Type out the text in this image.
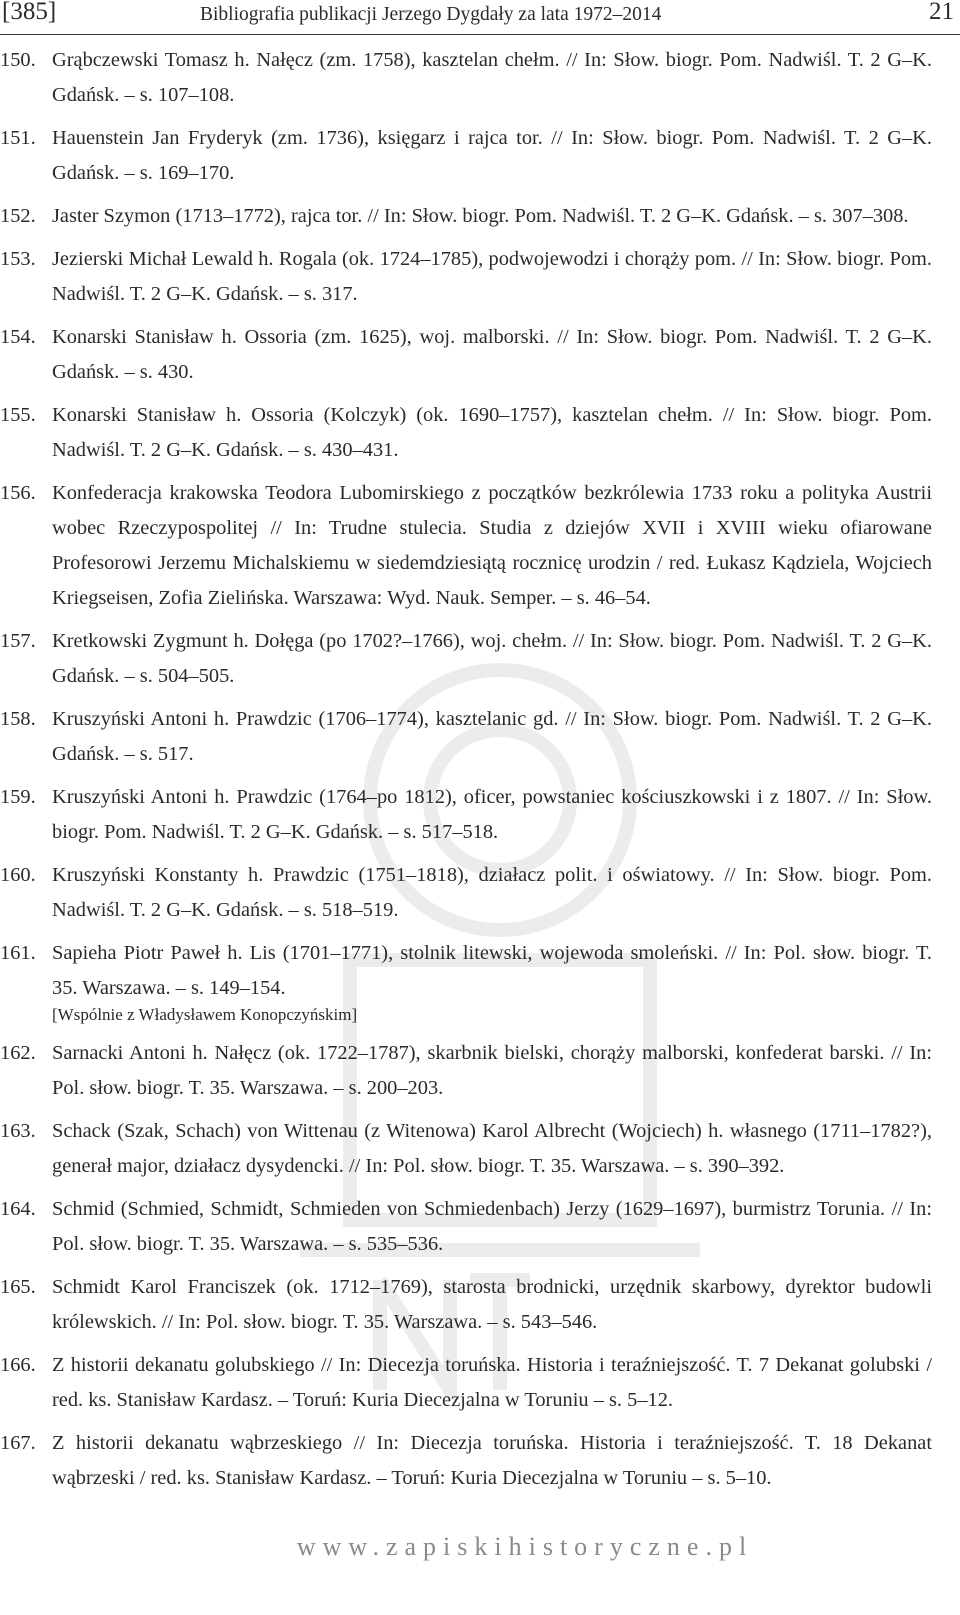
[385]	Bibliografia publikacji Jerzego Dygdały za lata 1972–2014	21
150. Grąbczewski Tomasz h. Nałęcz (zm. 1758), kasztelan chełm. // In: Słow. biogr. Pom. Nadwiśl. T. 2 G–K. Gdańsk. – s. 107–108.
151. Hauenstein Jan Fryderyk (zm. 1736), księgarz i rajca tor. // In: Słow. biogr. Pom. Nadwiśl. T. 2 G–K. Gdańsk. – s. 169–170.
152. Jaster Szymon (1713–1772), rajca tor. // In: Słow. biogr. Pom. Nadwiśl. T. 2 G–K. Gdańsk. – s. 307–308.
153. Jezierski Michał Lewald h. Rogala (ok. 1724–1785), podwojewodzi i chorąży pom. // In: Słow. biogr. Pom. Nadwiśl. T. 2 G–K. Gdańsk. – s. 317.
154. Konarski Stanisław h. Ossoria (zm. 1625), woj. malborski. // In: Słow. biogr. Pom. Nadwiśl. T. 2 G–K. Gdańsk. – s. 430.
155. Konarski Stanisław h. Ossoria (Kolczyk) (ok. 1690–1757), kasztelan chełm. // In: Słow. biogr. Pom. Nadwiśl. T. 2 G–K. Gdańsk. – s. 430–431.
156. Konfederacja krakowska Teodora Lubomirskiego z początków bezkrólewia 1733 roku a polityka Austrii wobec Rzeczypospolitej // In: Trudne stulecia. Studia z dziejów XVII i XVIII wieku ofiarowane Profesorowi Jerzemu Michalskiemu w siedemdziesiątą rocznicę urodzin / red. Łukasz Kądziela, Wojciech Kriegseisen, Zofia Zielińska. Warszawa: Wyd. Nauk. Semper. – s. 46–54.
157. Kretkowski Zygmunt h. Dołęga (po 1702?–1766), woj. chełm. // In: Słow. biogr. Pom. Nadwiśl. T. 2 G–K. Gdańsk. – s. 504–505.
158. Kruszyński Antoni h. Prawdzic (1706–1774), kasztelanic gd. // In: Słow. biogr. Pom. Nadwiśl. T. 2 G–K. Gdańsk. – s. 517.
159. Kruszyński Antoni h. Prawdzic (1764–po 1812), oficer, powstaniec kościuszkowski i z 1807. // In: Słow. biogr. Pom. Nadwiśl. T. 2 G–K. Gdańsk. – s. 517–518.
160. Kruszyński Konstanty h. Prawdzic (1751–1818), działacz polit. i oświatowy. // In: Słow. biogr. Pom. Nadwiśl. T. 2 G–K. Gdańsk. – s. 518–519.
161. Sapieha Piotr Paweł h. Lis (1701–1771), stolnik litewski, wojewoda smoleński. // In: Pol. słow. biogr. T. 35. Warszawa. – s. 149–154.
[Wspólnie z Władysławem Konopczyńskim]
162. Sarnacki Antoni h. Nałęcz (ok. 1722–1787), skarbnik bielski, chorąży malborski, konfederat barski. // In: Pol. słow. biogr. T. 35. Warszawa. – s. 200–203.
163. Schack (Szak, Schach) von Wittenau (z Witenowa) Karol Albrecht (Wojciech) h. własnego (1711–1782?), generał major, działacz dysydencki. // In: Pol. słow. biogr. T. 35. Warszawa. – s. 390–392.
164. Schmid (Schmied, Schmidt, Schmieden von Schmiedenbach) Jerzy (1629–1697), burmistrz Torunia. // In: Pol. słow. biogr. T. 35. Warszawa. – s. 535–536.
165. Schmidt Karol Franciszek (ok. 1712–1769), starosta brodnicki, urzędnik skarbowy, dyrektor budowli królewskich. // In: Pol. słow. biogr. T. 35. Warszawa. – s. 543–546.
166. Z historii dekanatu golubskiego // In: Diecezja toruńska. Historia i teraźniejszość. T. 7 Dekanat golubski / red. ks. Stanisław Kardasz. – Toruń: Kuria Diecezjalna w Toruniu – s. 5–12.
167. Z historii dekanatu wąbrzeskiego // In: Diecezja toruńska. Historia i teraźniejszość. T. 18 Dekanat wąbrzeski / red. ks. Stanisław Kardasz. – Toruń: Kuria Diecezjalna w Toruniu – s. 5–10.
www.zapiskihistoryczne.pl
